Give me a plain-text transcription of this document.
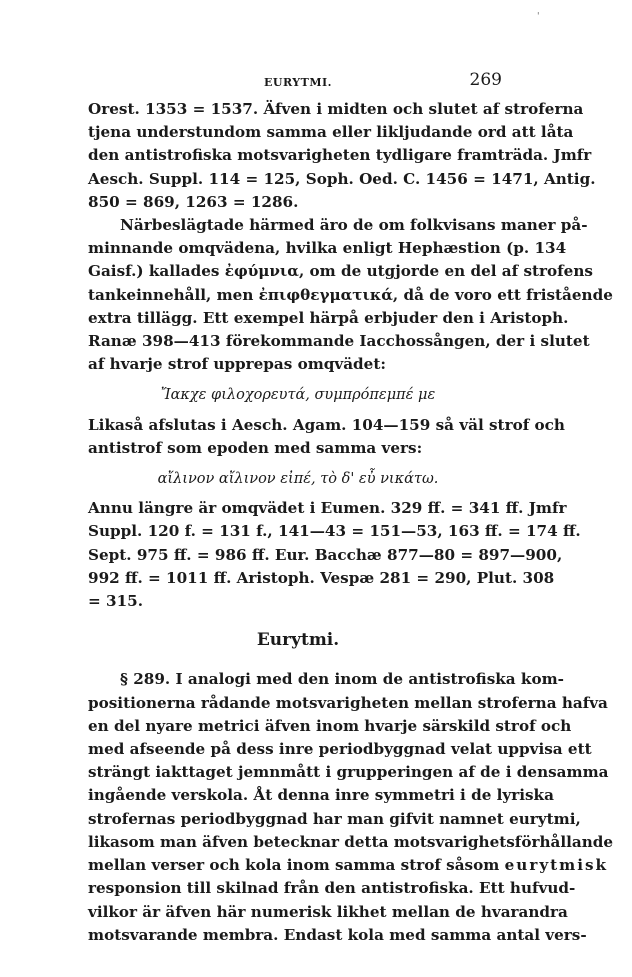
'
EURYTMI.	269

Orest. 1353 = 1537. Äfven i midten och slutet af stroferna
tjena understundom samma eller likljudande ord att låta
den antistrofiska motsvarigheten tydligare framträda. Jmfr
Aesch. Suppl. 114 = 125, Soph. Oed. C. 1456 = 1471, Antig.
850 = 869, 1263 = 1286.

Närbeslägtade härmed äro de om folkvisans maner på-
minnande omqvädena, hvilka enligt Hephæstion (p. 134
Gaisf.) kallades ἐφύμνια, om de utgjorde en del af strofens
tankeinnehåll, men ἐπιφθεγματικά, då de voro ett fristående
extra tillägg. Ett exempel härpå erbjuder den i Aristoph.
Ranæ 398—413 förekommande Iacchossången, der i slutet
af hvarje strof upprepas omqvädet:

Ἴακχε φιλοχορευτά, συμπρόπεμπέ με

Likaså afslutas i Aesch. Agam. 104—159 så väl strof och
antistrof som epoden med samma vers:

αἴλινον αἴλινον εἰπέ, τὸ δ' εὖ νικάτω.

Annu längre är omqvädet i Eumen. 329 ff. = 341 ff. Jmfr
Suppl. 120 f. = 131 f., 141—43 = 151—53, 163 ff. = 174 ff.
Sept. 975 ff. = 986 ff. Eur. Bacchæ 877—80 = 897—900,
992 ff. = 1011 ff. Aristoph. Vespæ 281 = 290, Plut. 308
= 315.

Eurytmi.

§ 289. I analogi med den inom de antistrofiska kom-
positionerna rådande motsvarigheten mellan stroferna hafva
en del nyare metrici äfven inom hvarje särskild strof och
med afseende på dess inre periodbyggnad velat uppvisa ett
strängt iakttaget jemnmått i grupperingen af de i densamma
ingående verskola. Åt denna inre symmetri i de lyriska
strofernas periodbyggnad har man gifvit namnet eurytmi,
likasom man äfven betecknar detta motsvarighetsförhållande
mellan verser och kola inom samma strof såsom eurytmisk
responsion till skilnad från den antistrofiska. Ett hufvud-
vilkor är äfven här numerisk likhet mellan de hvarandra
motsvarande membra. Endast kola med samma antal vers-
